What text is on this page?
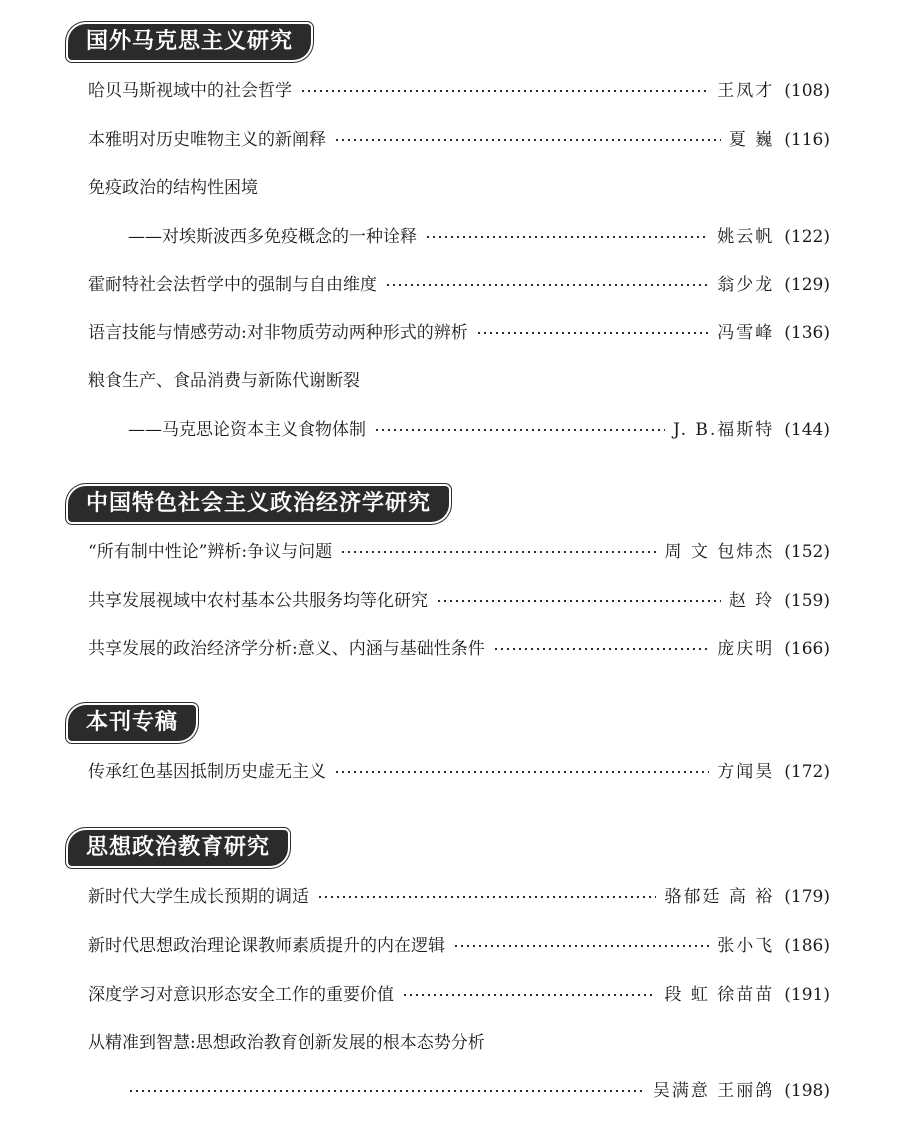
国外马克思主义研究
哈贝马斯视域中的社会哲学	王凤才 (108)
本雅明对历史唯物主义的新阐释	夏 巍 (116)
免疫政治的结构性困境
——对埃斯波西多免疫概念的一种诠释	姚云帆 (122)
霍耐特社会法哲学中的强制与自由维度	翁少龙 (129)
语言技能与情感劳动:对非物质劳动两种形式的辨析	冯雪峰 (136)
粮食生产、食品消费与新陈代谢断裂
——马克思论资本主义食物体制	J. B.福斯特 (144)
中国特色社会主义政治经济学研究
“所有制中性论”辨析:争议与问题	周 文 包炜杰 (152)
共享发展视域中农村基本公共服务均等化研究	赵 玲 (159)
共享发展的政治经济学分析:意义、内涵与基础性条件	庞庆明 (166)
本刊专稿
传承红色基因抵制历史虚无主义	方闻昊 (172)
思想政治教育研究
新时代大学生成长预期的调适	骆郁廷 高 裕 (179)
新时代思想政治理论课教师素质提升的内在逻辑	张小飞 (186)
深度学习对意识形态安全工作的重要价值	段 虹 徐苗苗 (191)
从精准到智慧:思想政治教育创新发展的根本态势分析
吴满意 王丽鸽 (198)
